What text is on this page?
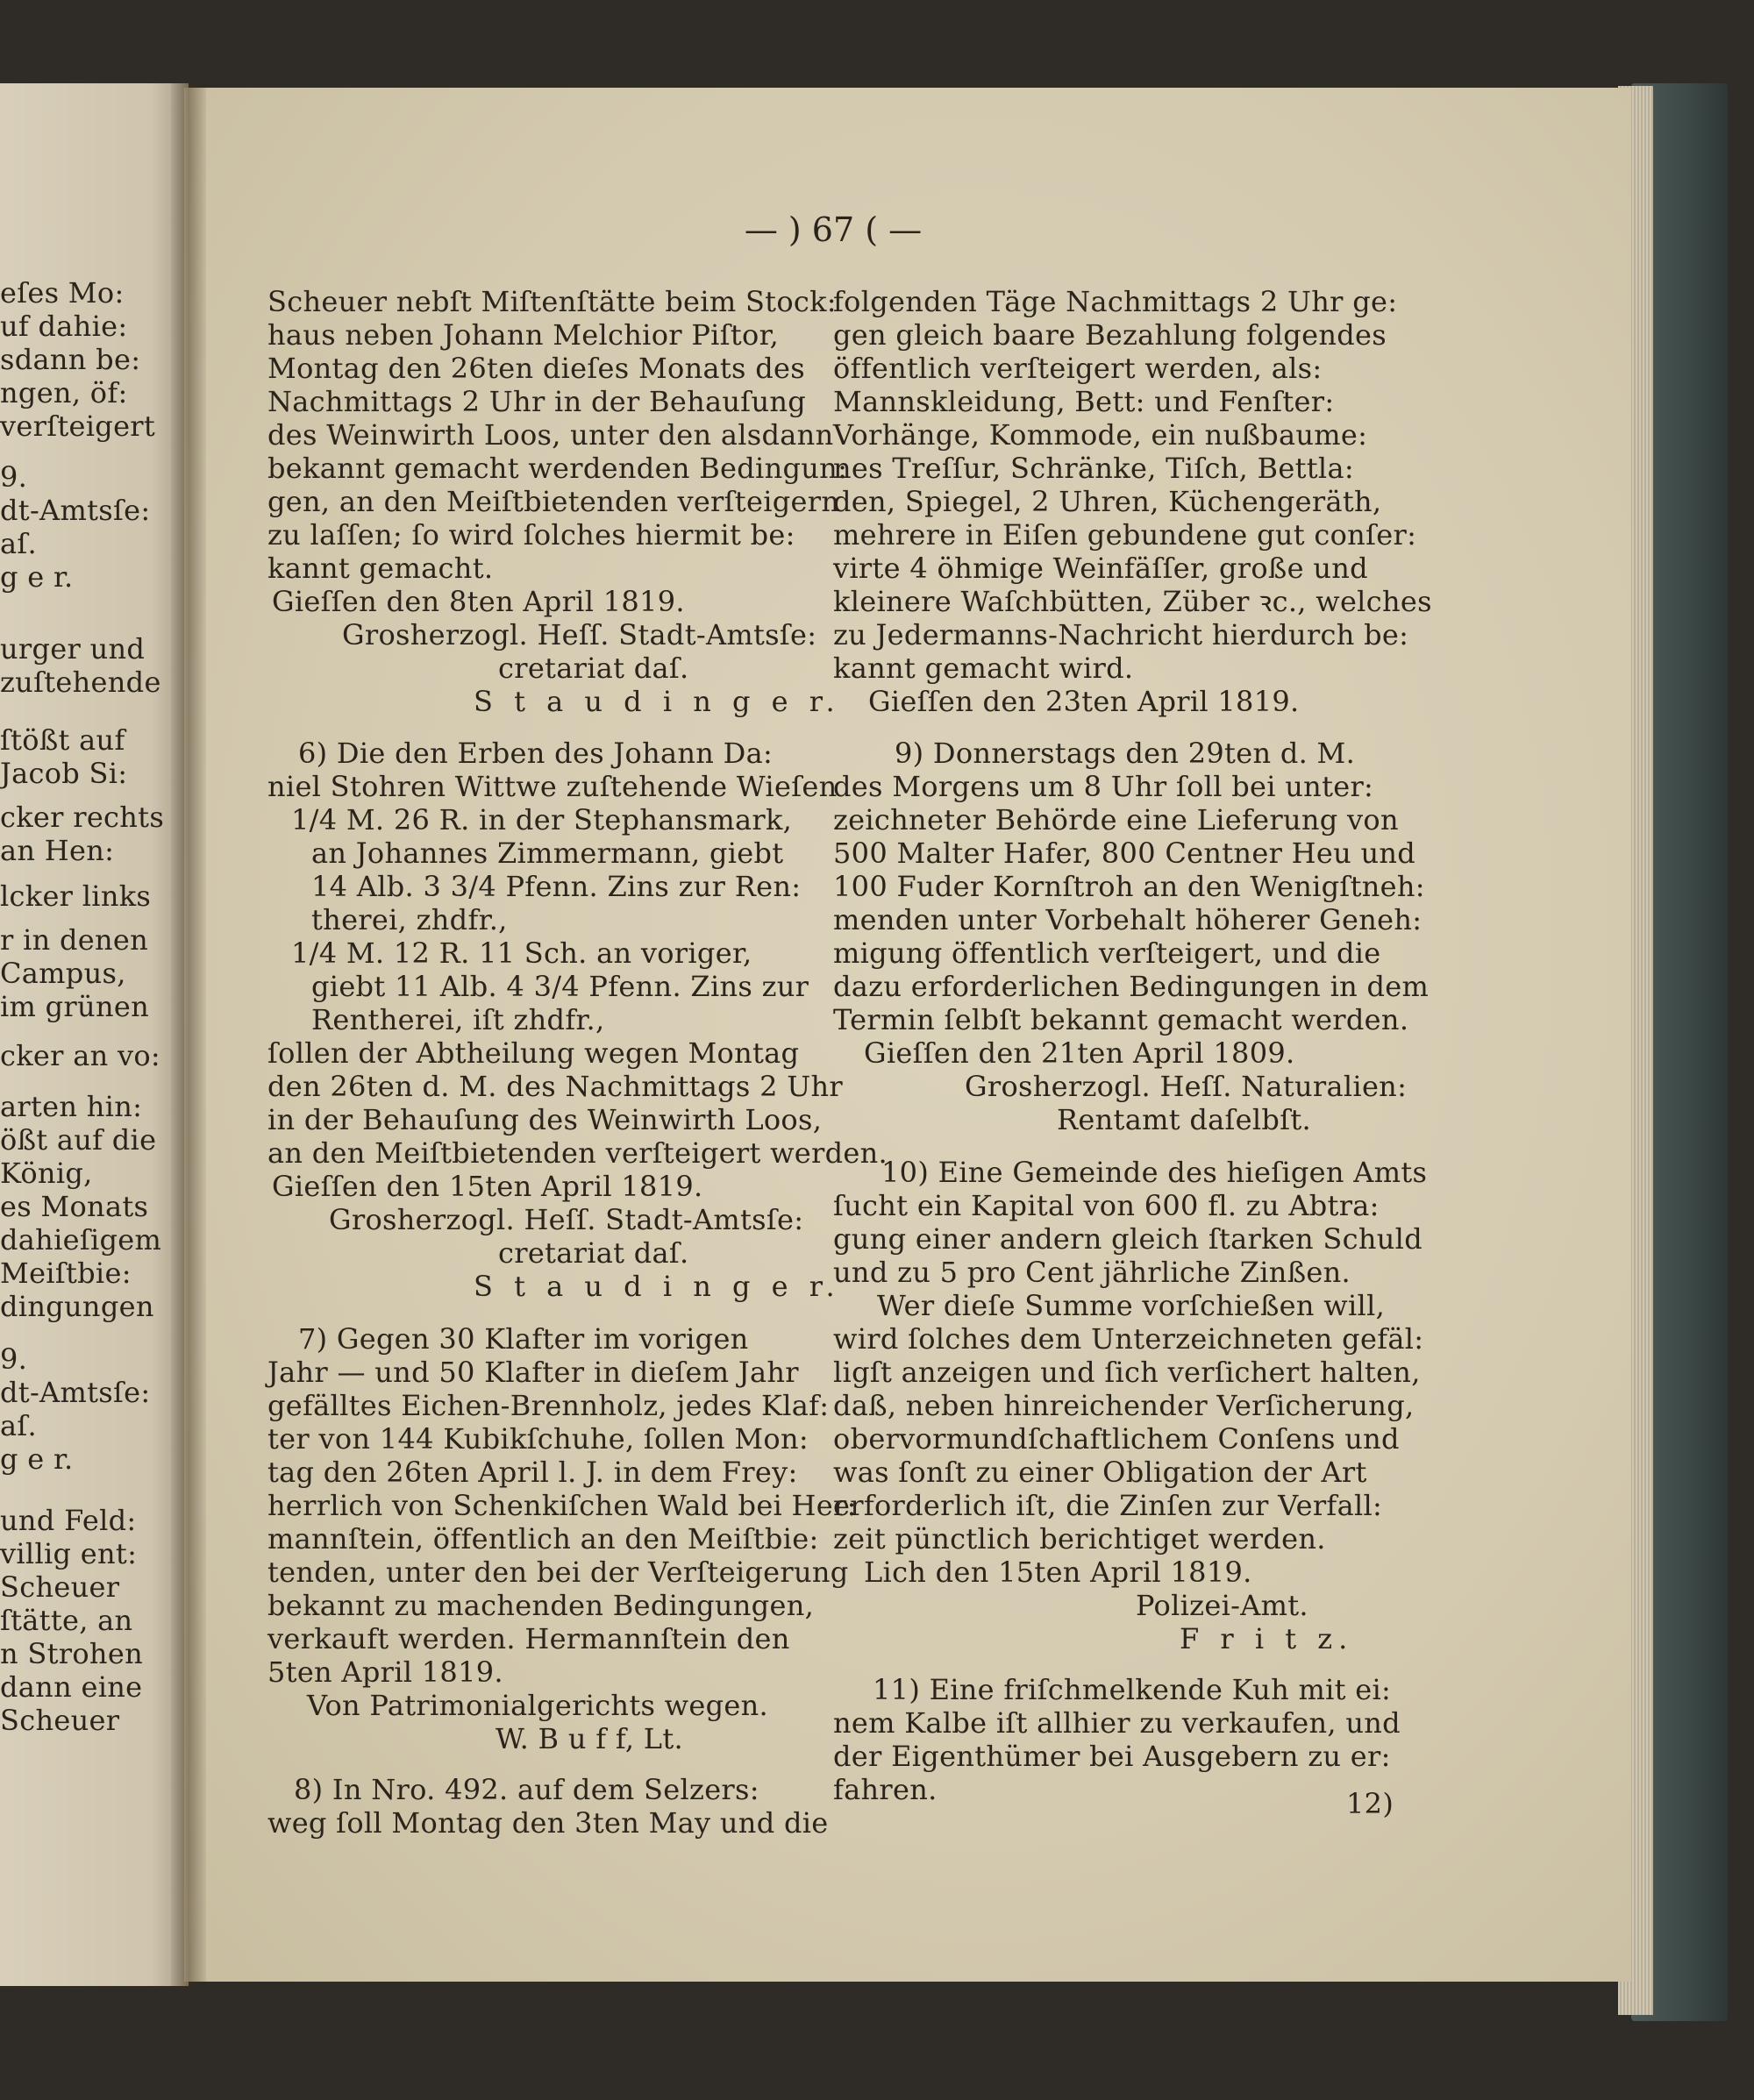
eſes Mo:
uf dahie:
sdann be:
ngen, öf:
verſteigert
9.
dt-Amtsſe:
aſ.
g e r.
urger und
zuſtehende
ſtößt auf
Jacob Si:
cker rechts
an Hen:
lcker links
r in denen
Campus,
im grünen
cker an vo:
arten hin:
ößt auf die
König,
es Monats
dahieſigem
Meiſtbie:
dingungen
9.
dt-Amtsſe:
aſ.
g e r.
und Feld:
villig ent:
Scheuer
ſtätte, an
n Strohen
dann eine
Scheuer
— ) 67 ( —
Scheuer nebſt Miſtenſtätte beim Stock:
haus neben Johann Melchior Piſtor,
Montag den 26ten dieſes Monats des
Nachmittags 2 Uhr in der Behauſung
des Weinwirth Loos, unter den alsdann
bekannt gemacht werdenden Bedingun:
gen, an den Meiſtbietenden verſteigern
zu laſſen; ſo wird ſolches hiermit be:
kannt gemacht.
Gieſſen den 8ten April 1819.
Grosherzogl. Heſſ. Stadt-Amtsſe:
cretariat daſ.
S t a u d i n g e r.
6) Die den Erben des Johann Da:
niel Stohren Wittwe zuſtehende Wieſen
1/4 M. 26 R. in der Stephansmark,
an Johannes Zimmermann, giebt
14 Alb. 3 3/4 Pfenn. Zins zur Ren:
therei, zhdfr.,
1/4 M. 12 R. 11 Sch. an voriger,
giebt 11 Alb. 4 3/4 Pfenn. Zins zur
Rentherei, iſt zhdfr.,
ſollen der Abtheilung wegen Montag
den 26ten d. M. des Nachmittags 2 Uhr
in der Behauſung des Weinwirth Loos,
an den Meiſtbietenden verſteigert werden.
Gieſſen den 15ten April 1819.
Grosherzogl. Heſſ. Stadt-Amtsſe:
cretariat daſ.
S t a u d i n g e r.
7) Gegen 30 Klafter im vorigen
Jahr — und 50 Klafter in dieſem Jahr
gefälltes Eichen-Brennholz, jedes Klaf:
ter von 144 Kubikſchuhe, ſollen Mon:
tag den 26ten April l. J. in dem Frey:
herrlich von Schenkiſchen Wald bei Her:
mannſtein, öffentlich an den Meiſtbie:
tenden, unter den bei der Verſteigerung
bekannt zu machenden Bedingungen,
verkauft werden. Hermannſtein den
5ten April 1819.
Von Patrimonialgerichts wegen.
W. B u f f, Lt.
8) In Nro. 492. auf dem Selzers:
weg ſoll Montag den 3ten May und die
folgenden Täge Nachmittags 2 Uhr ge:
gen gleich baare Bezahlung folgendes
öffentlich verſteigert werden, als:
Mannskleidung, Bett: und Fenſter:
Vorhänge, Kommode, ein nußbaume:
nes Treſſur, Schränke, Tiſch, Bettla:
den, Spiegel, 2 Uhren, Küchengeräth,
mehrere in Eiſen gebundene gut conſer:
virte 4 öhmige Weinfäſſer, große und
kleinere Waſchbütten, Züber ꝛc., welches
zu Jedermanns-Nachricht hierdurch be:
kannt gemacht wird.
Gieſſen den 23ten April 1819.
9) Donnerstags den 29ten d. M.
des Morgens um 8 Uhr ſoll bei unter:
zeichneter Behörde eine Lieferung von
500 Malter Hafer, 800 Centner Heu und
100 Fuder Kornſtroh an den Wenigſtneh:
menden unter Vorbehalt höherer Geneh:
migung öffentlich verſteigert, und die
dazu erforderlichen Bedingungen in dem
Termin ſelbſt bekannt gemacht werden.
Gieſſen den 21ten April 1809.
Grosherzogl. Heſſ. Naturalien:
Rentamt daſelbſt.
10) Eine Gemeinde des hieſigen Amts
ſucht ein Kapital von 600 fl. zu Abtra:
gung einer andern gleich ſtarken Schuld
und zu 5 pro Cent jährliche Zinßen.
Wer dieſe Summe vorſchießen will,
wird ſolches dem Unterzeichneten gefäl:
ligſt anzeigen und ſich verſichert halten,
daß, neben hinreichender Verſicherung,
obervormundſchaftlichem Conſens und
was ſonſt zu einer Obligation der Art
erforderlich iſt, die Zinſen zur Verfall:
zeit pünctlich berichtiget werden.
Lich den 15ten April 1819.
Polizei-Amt.
F r i t z.
11) Eine friſchmelkende Kuh mit ei:
nem Kalbe iſt allhier zu verkaufen, und
der Eigenthümer bei Ausgebern zu er:
fahren.	12)
